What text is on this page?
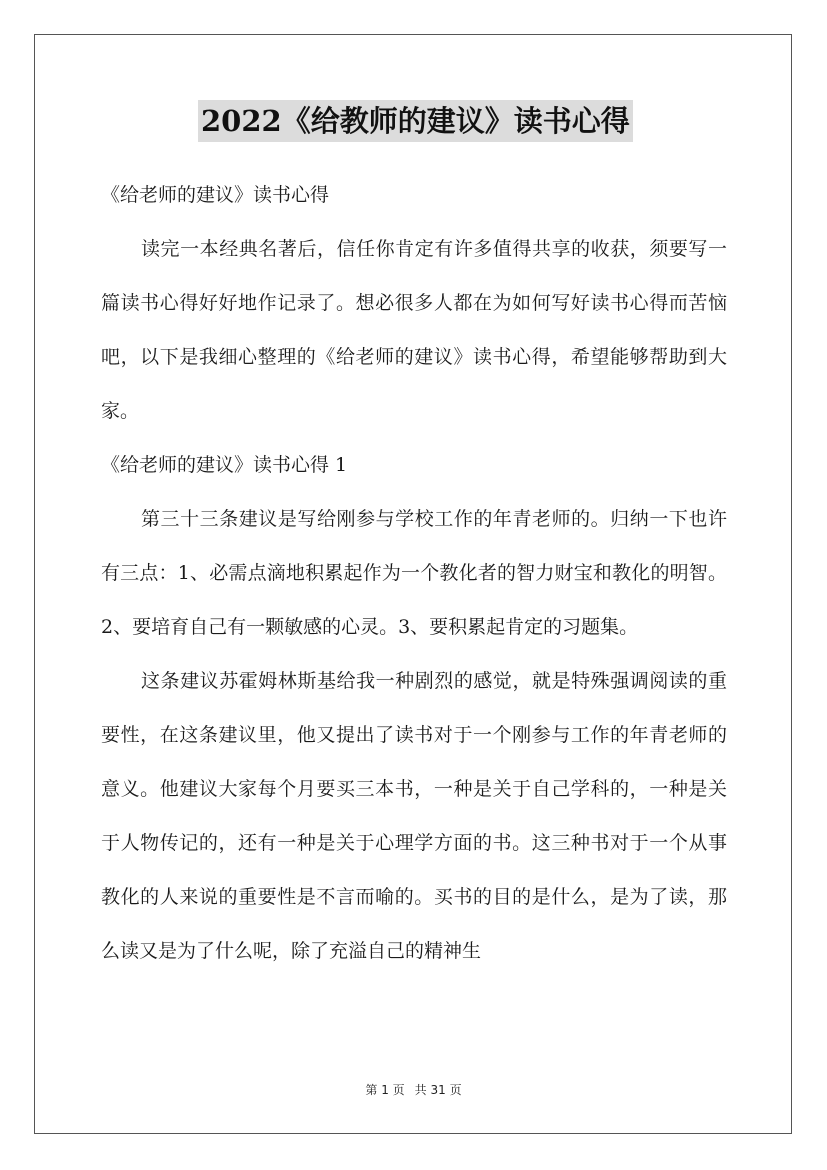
2022《给教师的建议》读书心得

《给老师的建议》读书心得

读完一本经典名著后，信任你肯定有许多值得共享的收获，须要写一篇读书心得好好地作记录了。想必很多人都在为如何写好读书心得而苦恼吧，以下是我细心整理的《给老师的建议》读书心得，希望能够帮助到大家。

《给老师的建议》读书心得 1

第三十三条建议是写给刚参与学校工作的年青老师的。归纳一下也许有三点：1、必需点滴地积累起作为一个教化者的智力财宝和教化的明智。2、要培育自己有一颗敏感的心灵。3、要积累起肯定的习题集。

这条建议苏霍姆林斯基给我一种剧烈的感觉，就是特殊强调阅读的重要性，在这条建议里，他又提出了读书对于一个刚参与工作的年青老师的意义。他建议大家每个月要买三本书，一种是关于自己学科的，一种是关于人物传记的，还有一种是关于心理学方面的书。这三种书对于一个从事教化的人来说的重要性是不言而喻的。买书的目的是什么，是为了读，那么读又是为了什么呢，除了充溢自己的精神生

第 1 页 共 31 页
